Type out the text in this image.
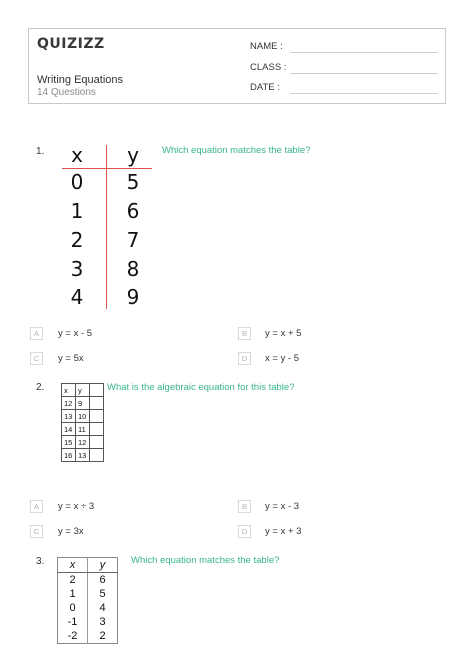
QUIZIZZ
Writing Equations
14 Questions
NAME :
CLASS :
DATE :
1.	Which equation matches the table?
x	y
0	5
1	6
2	7
3	8
4	9
A	y = x - 5	B	y = x + 5
C	y = 5x	D	x = y - 5
2.	What is the algebraic equation for this table?
x	y	
12	9	
13	10	
14	11	
15	12	
16	13	
A	y = x ÷ 3	B	y = x - 3
C	y = 3x	D	y = x + 3
3.	Which equation matches the table?
x	y
2	6
1	5
0	4
-1	3
-2	2
